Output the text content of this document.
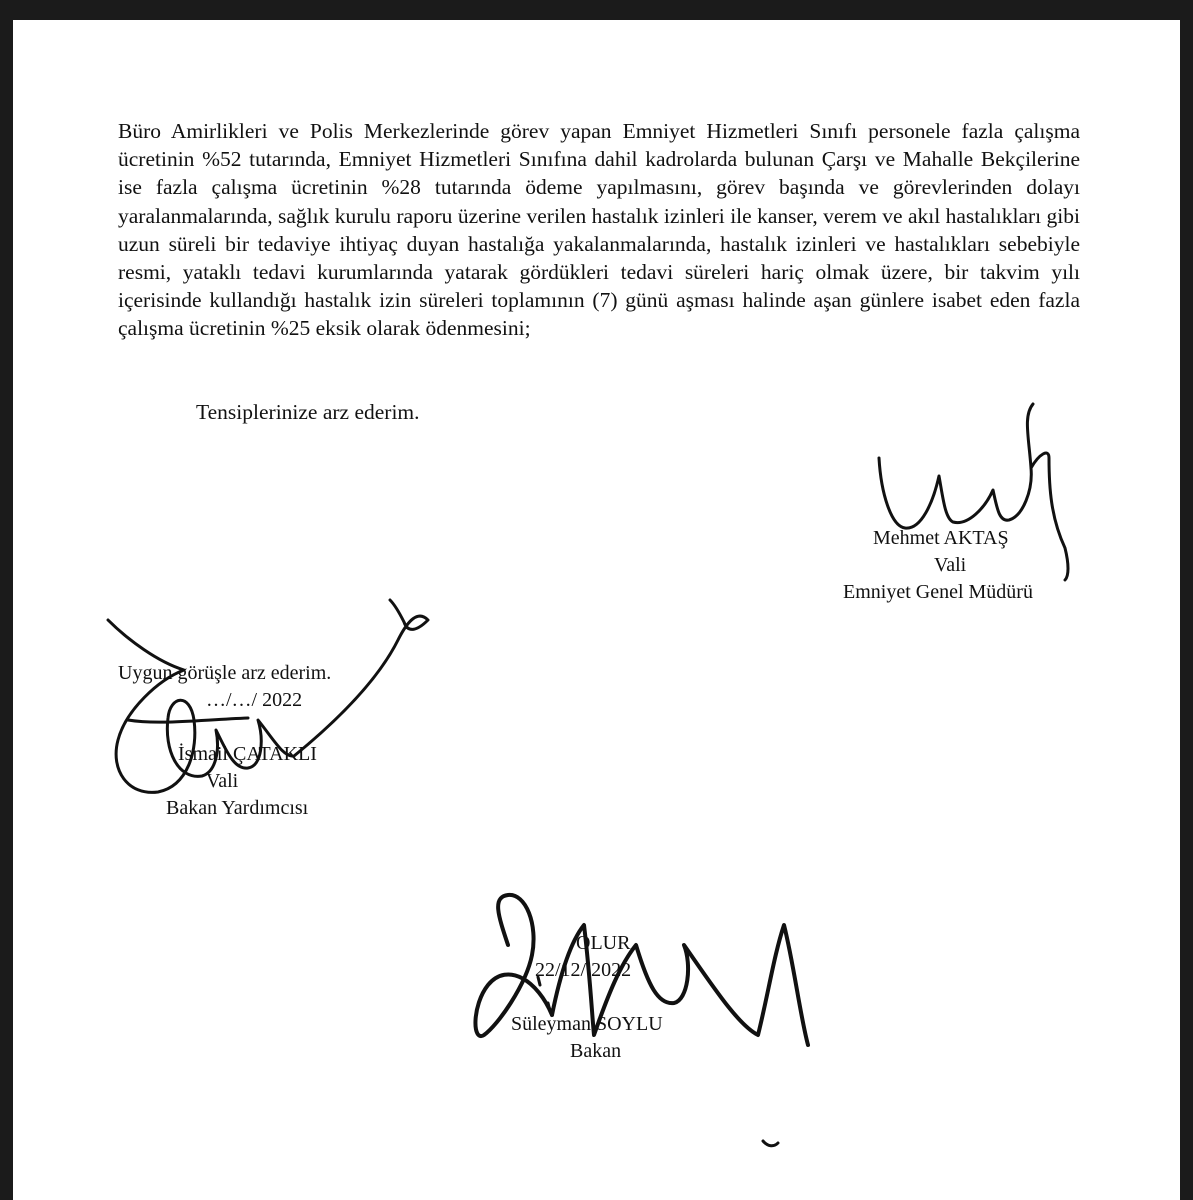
Büro Amirlikleri ve Polis Merkezlerinde görev yapan Emniyet Hizmetleri Sınıfı personele fazla çalışma ücretinin %52 tutarında, Emniyet Hizmetleri Sınıfına dahil kadrolarda bulunan Çarşı ve Mahalle Bekçilerine ise fazla çalışma ücretinin %28 tutarında ödeme yapılmasını, görev başında ve görevlerinden dolayı yaralanmalarında, sağlık kurulu raporu üzerine verilen hastalık izinleri ile kanser, verem ve akıl hastalıkları gibi uzun süreli bir tedaviye ihtiyaç duyan hastalığa yakalanmalarında, hastalık izinleri ve hastalıkları sebebiyle resmi, yataklı tedavi kurumlarında yatarak gördükleri tedavi süreleri hariç olmak üzere, bir takvim yılı içerisinde kullandığı hastalık izin süreleri toplamının (7) günü aşması halinde aşan günlere isabet eden fazla çalışma ücretinin %25 eksik olarak ödenmesini;

Tensiplerinize arz ederim.
Mehmet AKTAŞ
Vali
Emniyet Genel Müdürü
Uygun görüşle arz ederim.
…/…/ 2022
İsmail ÇATAKLI
Vali
Bakan Yardımcısı
OLUR
22/12/ 2022
Süleyman SOYLU
Bakan
